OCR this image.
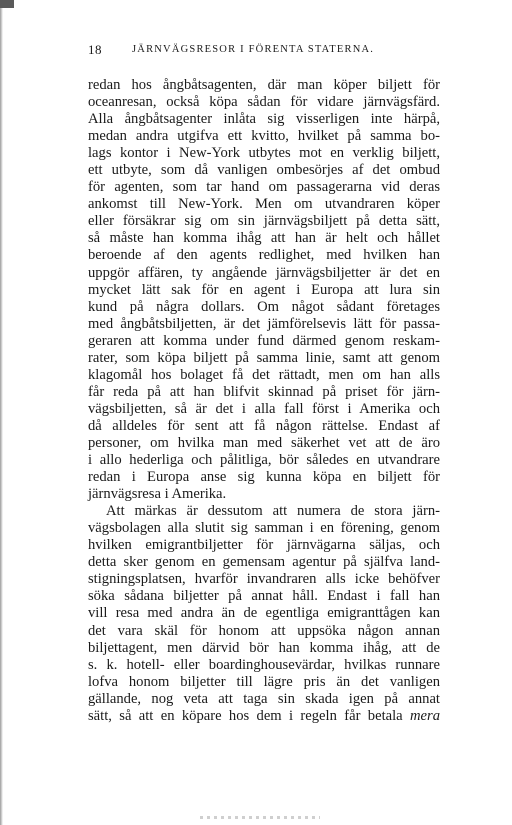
18	JÄRNVÄGSRESOR I FÖRENTA STATERNA.
redan hos ångbåtsagenten, där man köper biljett för
oceanresan, också köpa sådan för vidare järnvägsfärd.
Alla ångbåtsagenter inlåta sig visserligen inte härpå,
medan andra utgifva ett kvitto, hvilket på samma bo-
lags kontor i New-York utbytes mot en verklig biljett,
ett utbyte, som då vanligen ombesörjes af det ombud
för agenten, som tar hand om passagerarna vid deras
ankomst till New-York. Men om utvandraren köper
eller försäkrar sig om sin järnvägsbiljett på detta sätt,
så måste han komma ihåg att han är helt och hållet
beroende af den agents redlighet, med hvilken han
uppgör affären, ty angående järnvägsbiljetter är det en
mycket lätt sak för en agent i Europa att lura sin
kund på några dollars. Om något sådant företages
med ångbåtsbiljetten, är det jämförelsevis lätt för passa-
geraren att komma under fund därmed genom reskam-
rater, som köpa biljett på samma linie, samt att genom
klagomål hos bolaget få det rättadt, men om han alls
får reda på att han blifvit skinnad på priset för järn-
vägsbiljetten, så är det i alla fall först i Amerika och
då alldeles för sent att få någon rättelse. Endast af
personer, om hvilka man med säkerhet vet att de äro
i allo hederliga och pålitliga, bör således en utvandrare
redan i Europa anse sig kunna köpa en biljett för
järnvägsresa i Amerika.
Att märkas är dessutom att numera de stora järn-
vägsbolagen alla slutit sig samman i en förening, genom
hvilken emigrantbiljetter för järnvägarna säljas, och
detta sker genom en gemensam agentur på själfva land-
stigningsplatsen, hvarför invandraren alls icke behöfver
söka sådana biljetter på annat håll. Endast i fall han
vill resa med andra än de egentliga emigranttågen kan
det vara skäl för honom att uppsöka någon annan
biljettagent, men därvid bör han komma ihåg, att de
s. k. hotell- eller boardinghousevärdar, hvilkas runnare
lofva honom biljetter till lägre pris än det vanligen
gällande, nog veta att taga sin skada igen på annat
sätt, så att en köpare hos dem i regeln får betala mera
